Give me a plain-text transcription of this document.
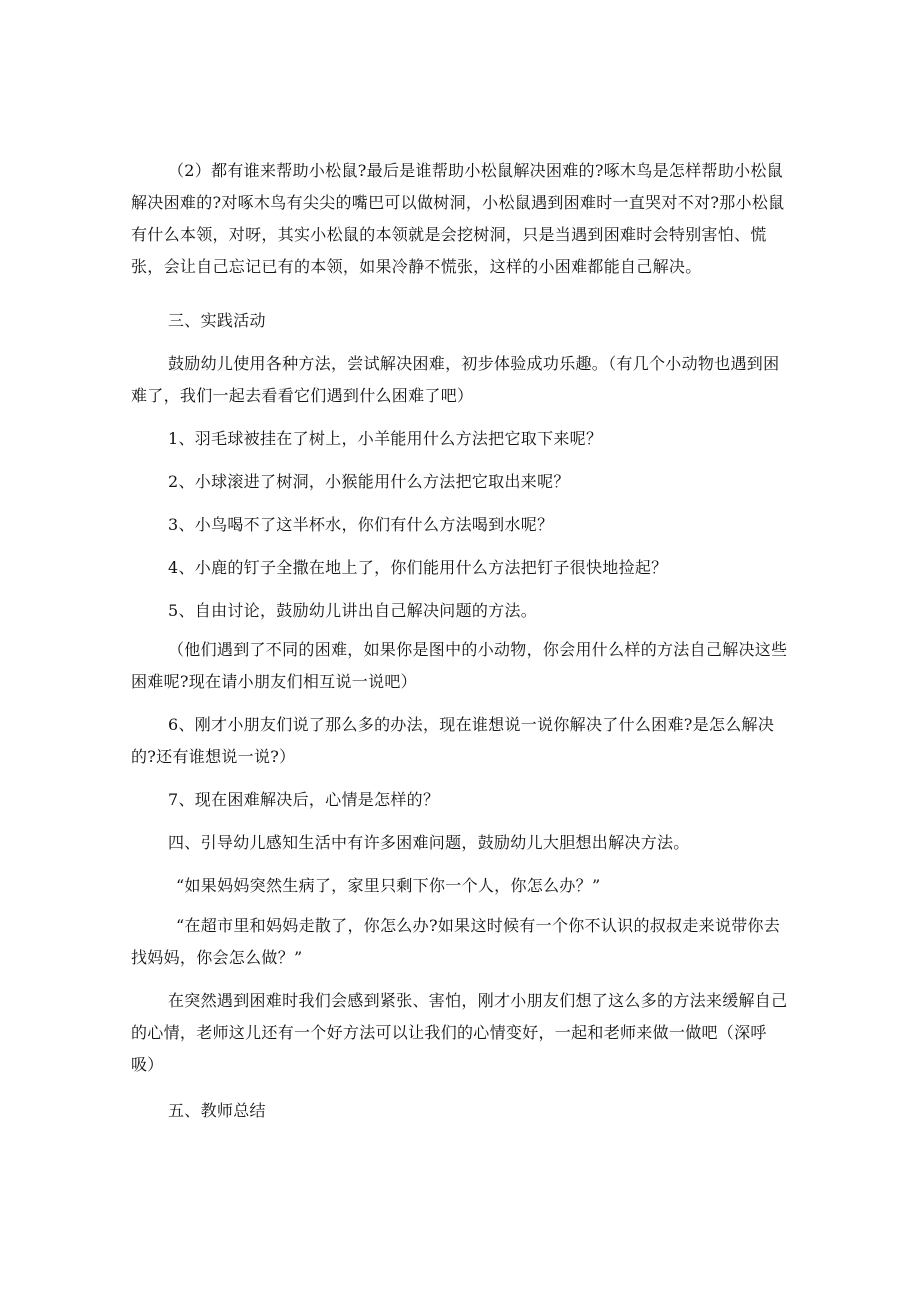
（2）都有谁来帮助小松鼠?最后是谁帮助小松鼠解决困难的?啄木鸟是怎样帮助小松鼠解决困难的?对啄木鸟有尖尖的嘴巴可以做树洞，小松鼠遇到困难时一直哭对不对?那小松鼠有什么本领，对呀，其实小松鼠的本领就是会挖树洞，只是当遇到困难时会特别害怕、慌张，会让自己忘记已有的本领，如果冷静不慌张，这样的小困难都能自己解决。

三、实践活动

鼓励幼儿使用各种方法，尝试解决困难，初步体验成功乐趣。（有几个小动物也遇到困难了，我们一起去看看它们遇到什么困难了吧）

1、羽毛球被挂在了树上，小羊能用什么方法把它取下来呢？

2、小球滚进了树洞，小猴能用什么方法把它取出来呢？

3、小鸟喝不了这半杯水，你们有什么方法喝到水呢？

4、小鹿的钉子全撒在地上了，你们能用什么方法把钉子很快地捡起？

5、自由讨论，鼓励幼儿讲出自己解决问题的方法。

（他们遇到了不同的困难，如果你是图中的小动物，你会用什么样的方法自己解决这些困难呢?现在请小朋友们相互说一说吧）

6、刚才小朋友们说了那么多的办法，现在谁想说一说你解决了什么困难?是怎么解决的?还有谁想说一说?）

7、现在困难解决后，心情是怎样的？

四、引导幼儿感知生活中有许多困难问题，鼓励幼儿大胆想出解决方法。

“如果妈妈突然生病了，家里只剩下你一个人，你怎么办？”

“在超市里和妈妈走散了，你怎么办?如果这时候有一个你不认识的叔叔走来说带你去找妈妈，你会怎么做？”

在突然遇到困难时我们会感到紧张、害怕，刚才小朋友们想了这么多的方法来缓解自己的心情，老师这儿还有一个好方法可以让我们的心情变好，一起和老师来做一做吧（深呼吸）

五、教师总结
